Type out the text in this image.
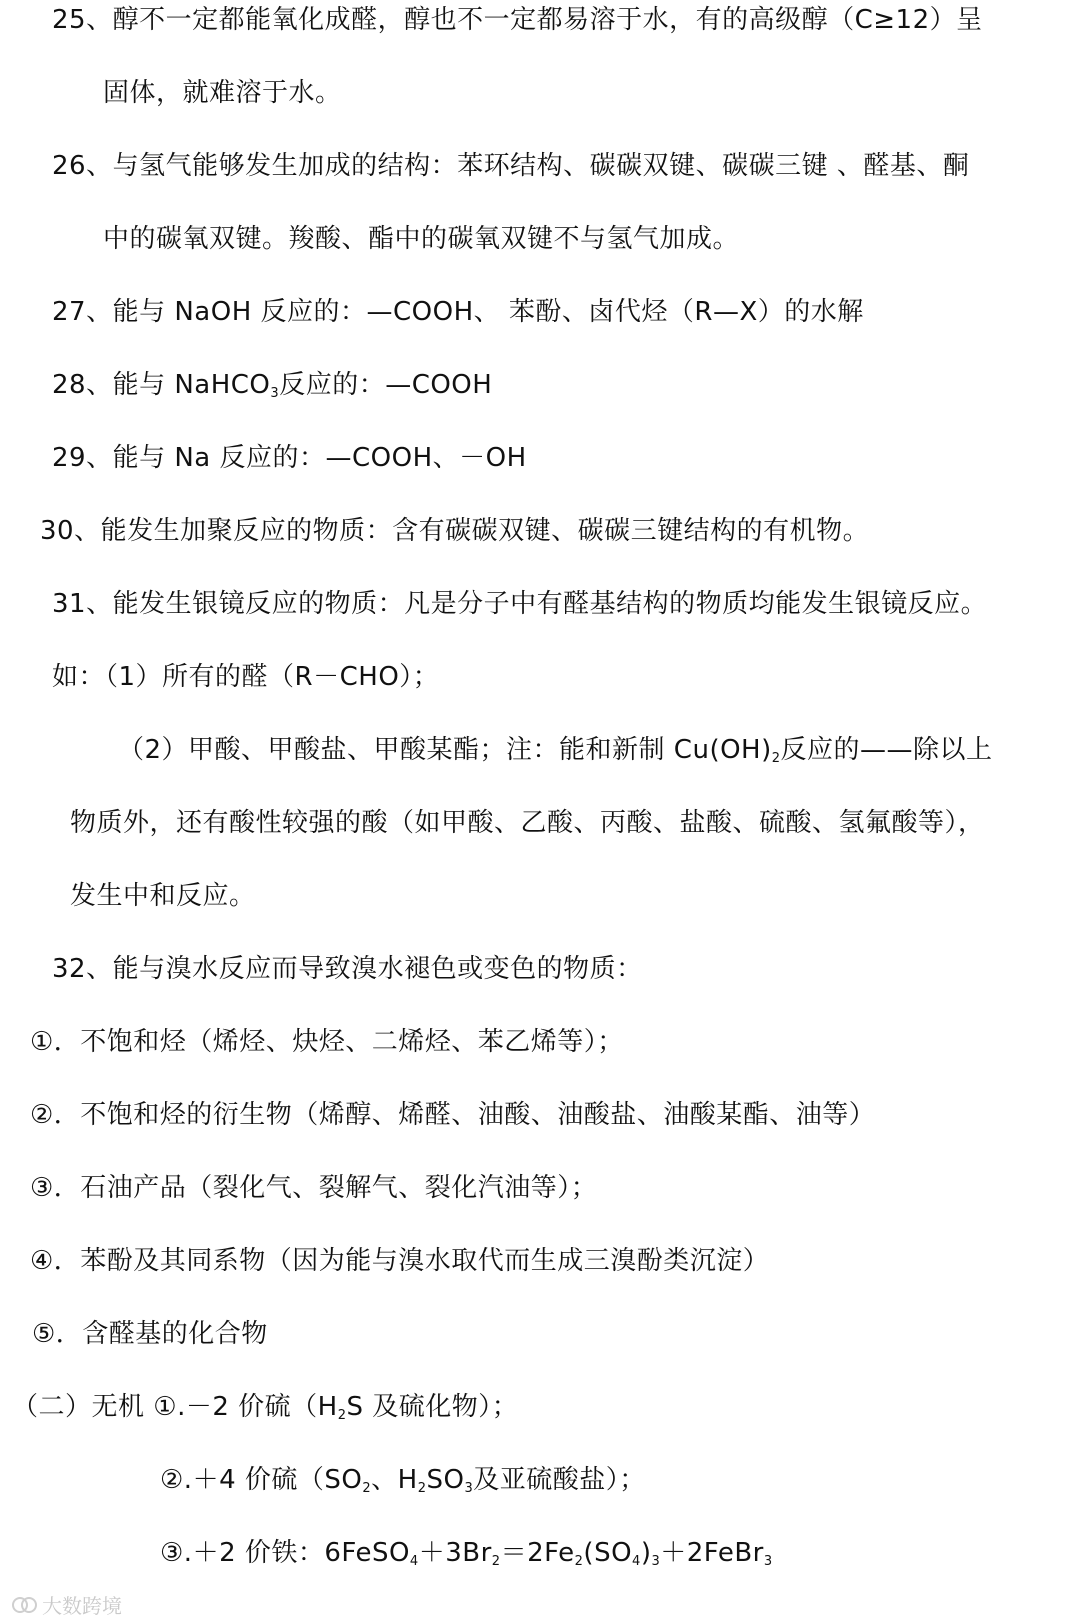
25、醇不一定都能氧化成醛，醇也不一定都易溶于水，有的高级醇（C≥12）呈
固体，就难溶于水。
26、与氢气能够发生加成的结构：苯环结构、碳碳双键、碳碳三键 、醛基、酮
中的碳氧双键。羧酸、酯中的碳氧双键不与氢气加成。
27、能与 NaOH 反应的：—COOH、 苯酚、卤代烃（R—X）的水解
28、能与 NaHCO$_3$反应的：—COOH
29、能与 Na 反应的：—COOH、－OH
30、能发生加聚反应的物质：含有碳碳双键、碳碳三键结构的有机物。
31、能发生银镜反应的物质：凡是分子中有醛基结构的物质均能发生银镜反应。
如：（1）所有的醛（R－CHO）；
（2）甲酸、甲酸盐、甲酸某酯；注：能和新制 $Cu(OH)_2$反应的——除以上
物质外，还有酸性较强的酸（如甲酸、乙酸、丙酸、盐酸、硫酸、氢氟酸等），
发生中和反应。
32、能与溴水反应而导致溴水褪色或变色的物质：
①．不饱和烃（烯烃、炔烃、二烯烃、苯乙烯等）；
②．不饱和烃的衍生物（烯醇、烯醛、油酸、油酸盐、油酸某酯、油等）
③．石油产品（裂化气、裂解气、裂化汽油等）；
④．苯酚及其同系物（因为能与溴水取代而生成三溴酚类沉淀）
⑤．含醛基的化合物
（二）无机 ①.－2 价硫（$H_2S$ 及硫化物）；
②.＋4 价硫（$SO_2$、$H_2SO_3$及亚硫酸盐）；
③.＋2 价铁：$6FeSO_4+3Br_2=2Fe_2(SO_4)_3+2FeBr_3$
大数跨境
